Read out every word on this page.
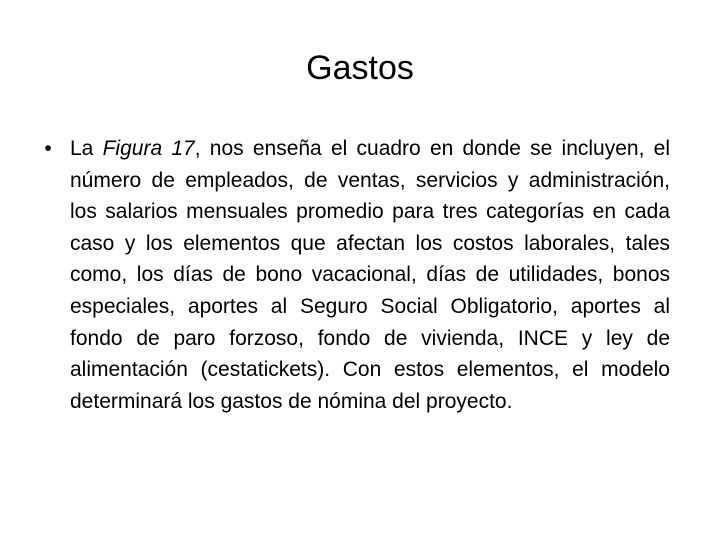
Gastos
• La Figura 17, nos enseña el cuadro en donde se incluyen, el número de empleados, de ventas, servicios y administración, los salarios mensuales promedio para tres categorías en cada caso y los elementos que afectan los costos laborales, tales como, los días de bono vacacional, días de utilidades, bonos especiales, aportes al Seguro Social Obligatorio, aportes al fondo de paro forzoso, fondo de vivienda, INCE y ley de alimentación (cestatickets). Con estos elementos, el modelo determinará los gastos de nómina del proyecto.
